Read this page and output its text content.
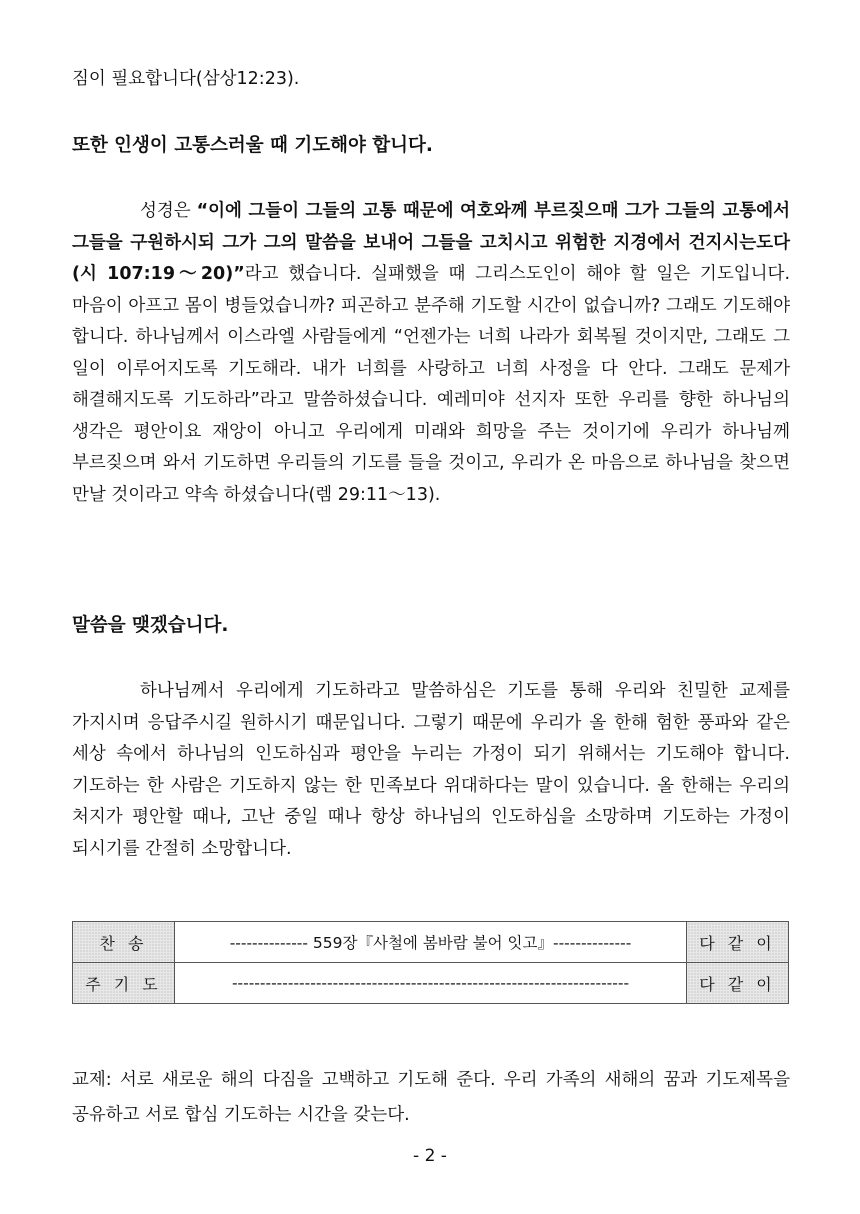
짐이 필요합니다(삼상12:23).
또한 인생이 고통스러울 때 기도해야 합니다.
성경은 “이에 그들이 그들의 고통 때문에 여호와께 부르짖으매 그가 그들의 고통에서 그들을 구원하시되 그가 그의 말씀을 보내어 그들을 고치시고 위험한 지경에서 건지시는도다(시 107:19～20)”라고 했습니다. 실패했을 때 그리스도인이 해야 할 일은 기도입니다. 마음이 아프고 몸이 병들었습니까? 피곤하고 분주해 기도할 시간이 없습니까? 그래도 기도해야 합니다. 하나님께서 이스라엘 사람들에게 “언젠가는 너희 나라가 회복될 것이지만, 그래도 그 일이 이루어지도록 기도해라. 내가 너희를 사랑하고 너희 사정을 다 안다. 그래도 문제가 해결해지도록 기도하라”라고 말씀하셨습니다. 예레미야 선지자 또한 우리를 향한 하나님의 생각은 평안이요 재앙이 아니고 우리에게 미래와 희망을 주는 것이기에 우리가 하나님께 부르짖으며 와서 기도하면 우리들의 기도를 들을 것이고, 우리가 온 마음으로 하나님을 찾으면 만날 것이라고 약속 하셨습니다(렘 29:11～13).
말씀을 맺겠습니다.
하나님께서 우리에게 기도하라고 말씀하심은 기도를 통해 우리와 친밀한 교제를 가지시며 응답주시길 원하시기 때문입니다. 그렇기 때문에 우리가 올 한해 험한 풍파와 같은 세상 속에서 하나님의 인도하심과 평안을 누리는 가정이 되기 위해서는 기도해야 합니다. 기도하는 한 사람은 기도하지 않는 한 민족보다 위대하다는 말이 있습니다. 올 한해는 우리의 처지가 평안할 때나, 고난 중일 때나 항상 하나님의 인도하심을 소망하며 기도하는 가정이 되시기를 간절히 소망합니다.
찬 송	-------------- 559장『사철에 봄바람 불어 잇고』--------------	다 같 이
주 기 도	-----------------------------------------------------------------------	다 같 이
교제: 서로 새로운 해의 다짐을 고백하고 기도해 준다. 우리 가족의 새해의 꿈과 기도제목을 공유하고 서로 합심 기도하는 시간을 갖는다.
- 2 -
